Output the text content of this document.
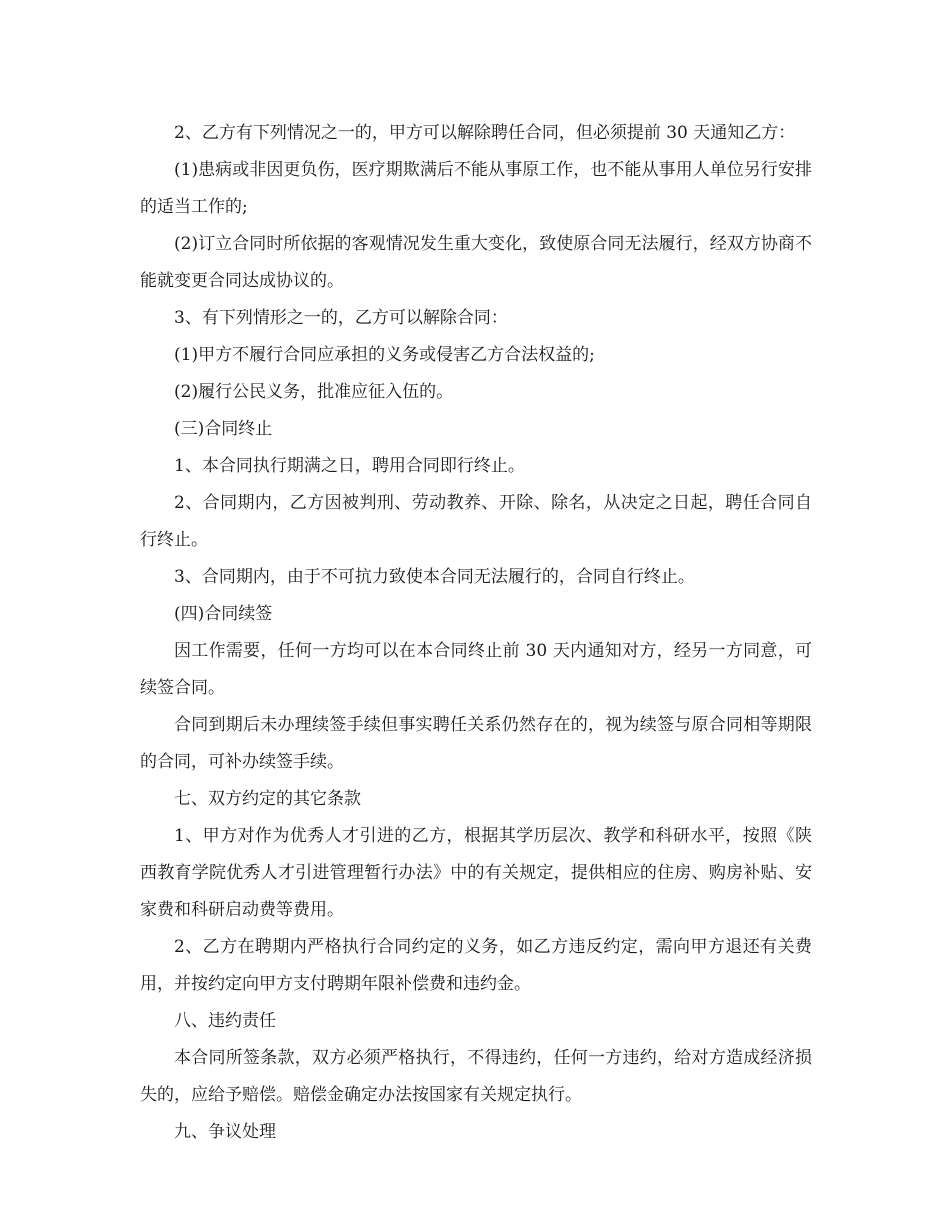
2、乙方有下列情况之一的，甲方可以解除聘任合同，但必须提前 30 天通知乙方：

(1)患病或非因更负伤，医疗期欺满后不能从事原工作，也不能从事用人单位另行安排的适当工作的;

(2)订立合同时所依据的客观情况发生重大变化，致使原合同无法履行，经双方协商不能就变更合同达成协议的。

3、有下列情形之一的，乙方可以解除合同：

(1)甲方不履行合同应承担的义务或侵害乙方合法权益的;

(2)履行公民义务，批准应征入伍的。

(三)合同终止

1、本合同执行期满之日，聘用合同即行终止。

2、合同期内，乙方因被判刑、劳动教养、开除、除名，从决定之日起，聘任合同自行终止。

3、合同期内，由于不可抗力致使本合同无法履行的，合同自行终止。

(四)合同续签

因工作需要，任何一方均可以在本合同终止前 30 天内通知对方，经另一方同意，可续签合同。

合同到期后未办理续签手续但事实聘任关系仍然存在的，视为续签与原合同相等期限的合同，可补办续签手续。

七、双方约定的其它条款

1、甲方对作为优秀人才引进的乙方，根据其学历层次、教学和科研水平，按照《陕西教育学院优秀人才引进管理暂行办法》中的有关规定，提供相应的住房、购房补贴、安家费和科研启动费等费用。

2、乙方在聘期内严格执行合同约定的义务，如乙方违反约定，需向甲方退还有关费用，并按约定向甲方支付聘期年限补偿费和违约金。

八、违约责任

本合同所签条款，双方必须严格执行，不得违约，任何一方违约，给对方造成经济损失的，应给予赔偿。赔偿金确定办法按国家有关规定执行。

九、争议处理
